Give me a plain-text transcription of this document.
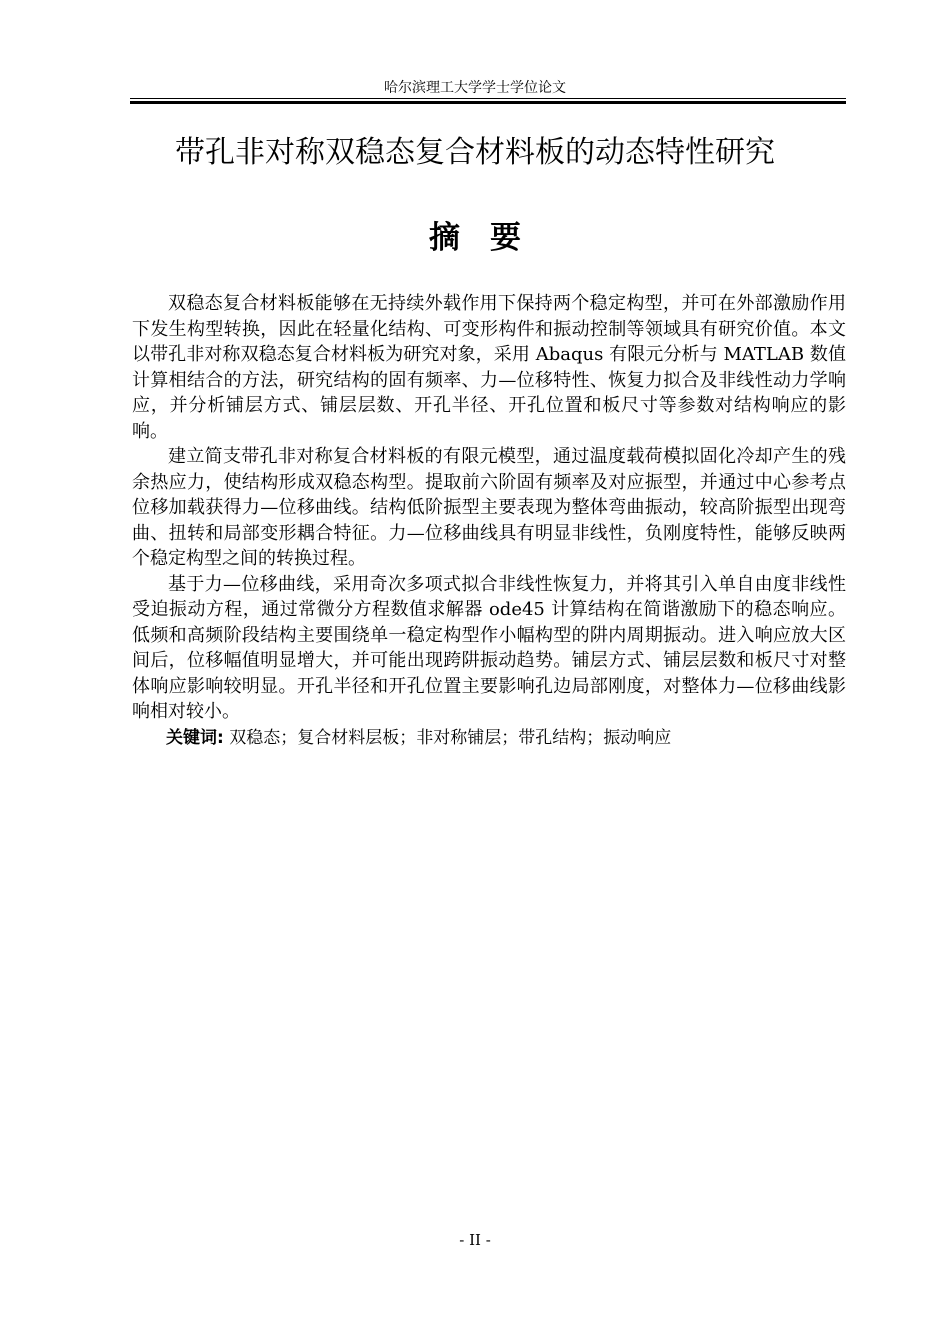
哈尔滨理工大学学士学位论文
带孔非对称双稳态复合材料板的动态特性研究
摘要

双稳态复合材料板能够在无持续外载作用下保持两个稳定构型，并可在外部激励作用下发生构型转换，因此在轻量化结构、可变形构件和振动控制等领域具有研究价值。本文以带孔非对称双稳态复合材料板为研究对象，采用 Abaqus 有限元分析与 MATLAB 数值计算相结合的方法，研究结构的固有频率、力—位移特性、恢复力拟合及非线性动力学响应，并分析铺层方式、铺层层数、开孔半径、开孔位置和板尺寸等参数对结构响应的影响。

建立简支带孔非对称复合材料板的有限元模型，通过温度载荷模拟固化冷却产生的残余热应力，使结构形成双稳态构型。提取前六阶固有频率及对应振型，并通过中心参考点位移加载获得力—位移曲线。结构低阶振型主要表现为整体弯曲振动，较高阶振型出现弯曲、扭转和局部变形耦合特征。力—位移曲线具有明显非线性，负刚度特性，能够反映两个稳定构型之间的转换过程。

基于力—位移曲线，采用奇次多项式拟合非线性恢复力，并将其引入单自由度非线性受迫振动方程，通过常微分方程数值求解器 ode45 计算结构在简谐激励下的稳态响应。低频和高频阶段结构主要围绕单一稳定构型作小幅构型的阱内周期振动。进入响应放大区间后，位移幅值明显增大，并可能出现跨阱振动趋势。铺层方式、铺层层数和板尺寸对整体响应影响较明显。开孔半径和开孔位置主要影响孔边局部刚度，对整体力—位移曲线影响相对较小。

关键词: 双稳态；复合材料层板；非对称铺层；带孔结构；振动响应

- II -
